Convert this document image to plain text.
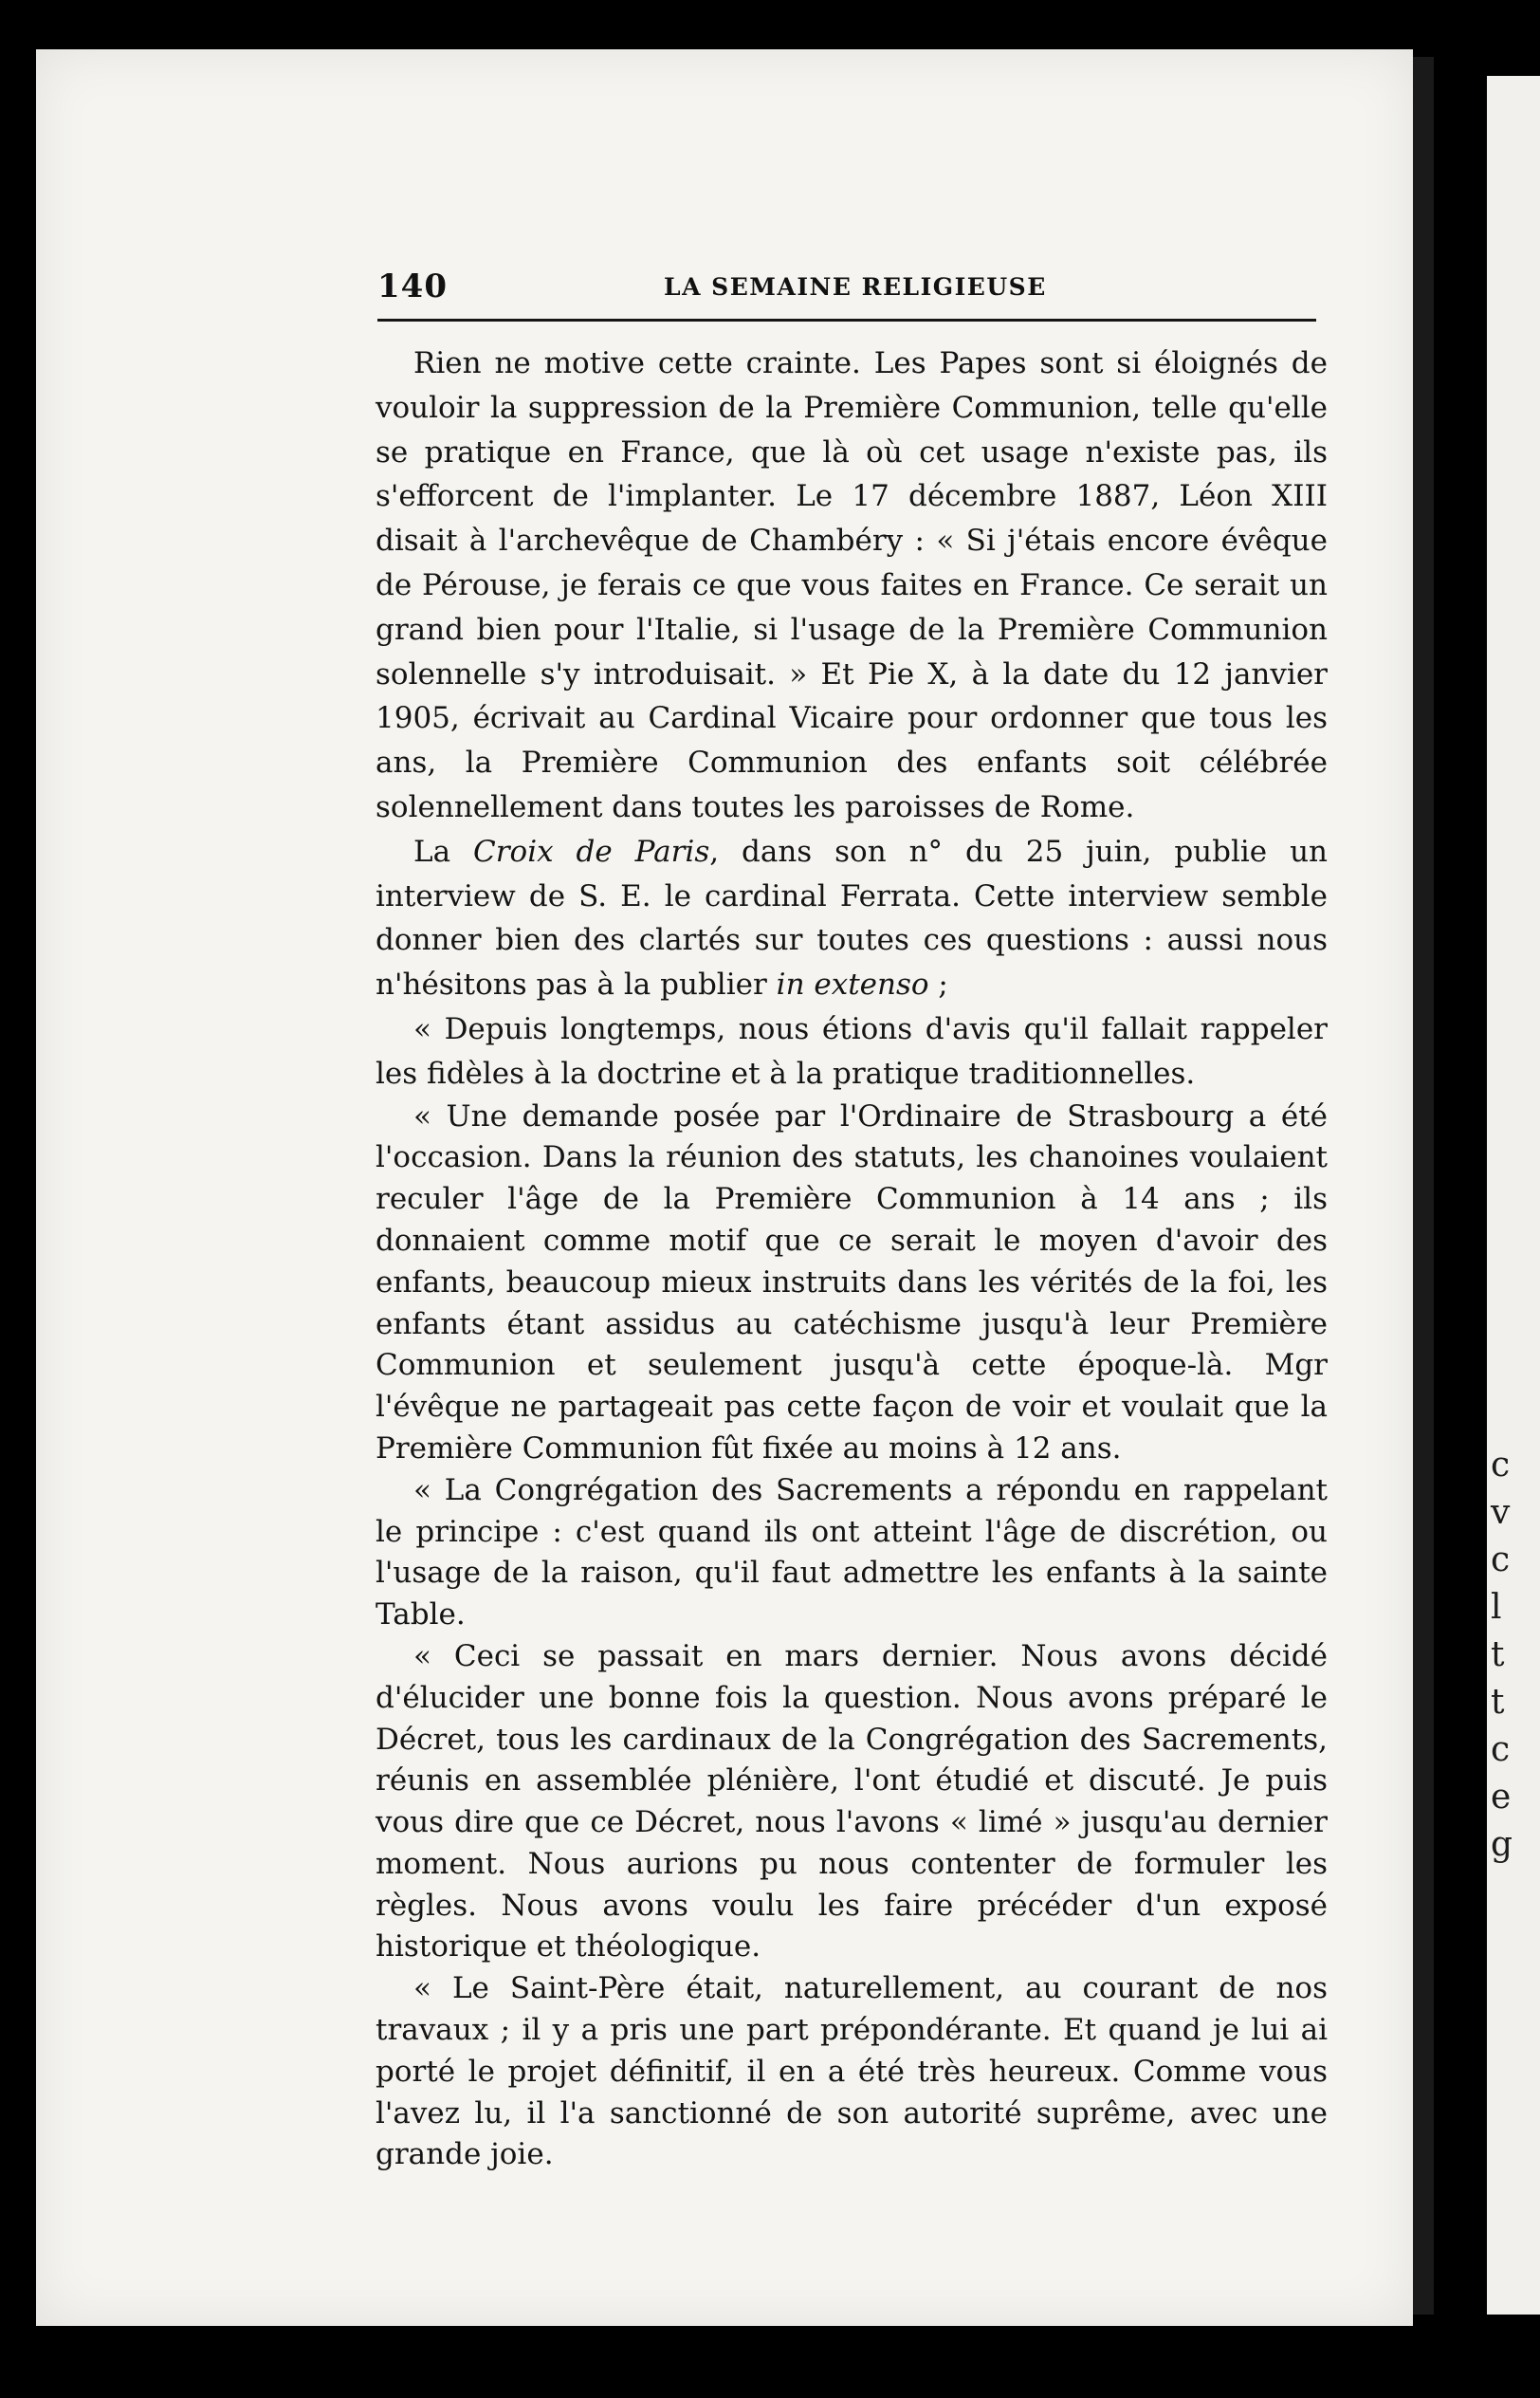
c
v
c
l
t
t
c
e
g
140	LA SEMAINE RELIGIEUSE

Rien ne motive cette crainte. Les Papes sont si éloignés de vouloir la suppression de la Première Communion, telle qu'elle se pratique en France, que là où cet usage n'existe pas, ils s'efforcent de l'implanter. Le 17 décembre 1887, Léon XIII disait à l'archevêque de Chambéry : « Si j'étais encore évêque de Pérouse, je ferais ce que vous faites en France. Ce serait un grand bien pour l'Italie, si l'usage de la Première Communion solennelle s'y introduisait. » Et Pie X, à la date du 12 janvier 1905, écrivait au Cardinal Vicaire pour ordonner que tous les ans, la Première Communion des enfants soit célébrée solennellement dans toutes les paroisses de Rome.

La Croix de Paris, dans son n° du 25 juin, publie un interview de S. E. le cardinal Ferrata. Cette interview semble donner bien des clartés sur toutes ces questions : aussi nous n'hésitons pas à la publier in extenso ;

« Depuis longtemps, nous étions d'avis qu'il fallait rappeler les fidèles à la doctrine et à la pratique traditionnelles.

« Une demande posée par l'Ordinaire de Strasbourg a été l'occasion. Dans la réunion des statuts, les chanoines voulaient reculer l'âge de la Première Communion à 14 ans ; ils donnaient comme motif que ce serait le moyen d'avoir des enfants, beaucoup mieux instruits dans les vérités de la foi, les enfants étant assidus au catéchisme jusqu'à leur Première Communion et seulement jusqu'à cette époque-là. Mgr l'évêque ne partageait pas cette façon de voir et voulait que la Première Communion fût fixée au moins à 12 ans.

« La Congrégation des Sacrements a répondu en rappelant le principe : c'est quand ils ont atteint l'âge de discrétion, ou l'usage de la raison, qu'il faut admettre les enfants à la sainte Table.

« Ceci se passait en mars dernier. Nous avons décidé d'élucider une bonne fois la question. Nous avons préparé le Décret, tous les cardinaux de la Congrégation des Sacrements, réunis en assemblée plénière, l'ont étudié et discuté. Je puis vous dire que ce Décret, nous l'avons « limé » jusqu'au dernier moment. Nous aurions pu nous contenter de formuler les règles. Nous avons voulu les faire précéder d'un exposé historique et théologique.

« Le Saint-Père était, naturellement, au courant de nos travaux ; il y a pris une part prépondérante. Et quand je lui ai porté le projet définitif, il en a été très heureux. Comme vous l'avez lu, il l'a sanctionné de son autorité suprême, avec une grande joie.
